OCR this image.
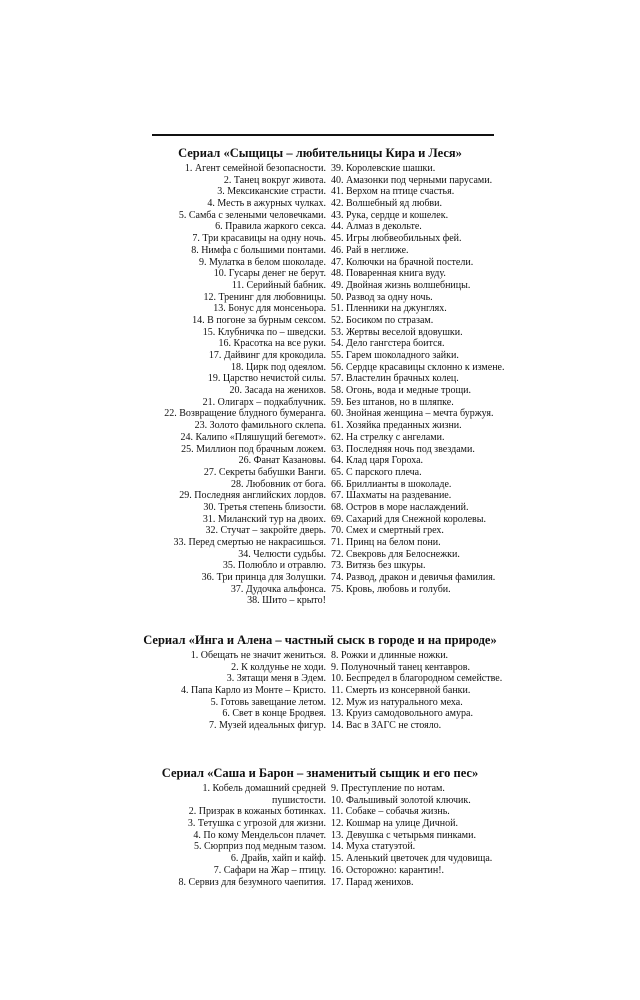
Сериал «Сыщицы – любительницы Кира и Леся»
1. Агент семейной безопасности.
2. Танец вокруг живота.
3. Мексиканские страсти.
4. Месть в ажурных чулках.
5. Самба с зелеными человечками.
6. Правила жаркого секса.
7. Три красавицы на одну ночь.
8. Нимфа с большими понтами.
9. Мулатка в белом шоколаде.
10. Гусары денег не берут.
11. Серийный бабник.
12. Тренинг для любовницы.
13. Бонус для монсеньора.
14. В погоне за бурным сексом.
15. Клубничка по – шведски.
16. Красотка на все руки.
17. Дайвинг для крокодила.
18. Цирк под одеялом.
19. Царство нечистой силы.
20. Засада на женихов.
21. Олигарх – подкаблучник.
22. Возвращение блудного бумеранга.
23. Золото фамильного склепа.
24. Калипо «Пляшущий бегемот».
25. Миллион под брачным ложем.
26. Фанат Казановы.
27. Секреты бабушки Ванги.
28. Любовник от бога.
29. Последняя английских лордов.
30. Третья степень близости.
31. Миланский тур на двоих.
32. Стучат – закройте дверь.
33. Перед смертью не накрасишься.
34. Челюсти судьбы.
35. Полюбло и отравлю.
36. Три принца для Золушки.
37. Дудочка альфонса.
38. Шито – крыто!
39. Королевские шашки.
40. Амазонки под черными парусами.
41. Верхом на птице счастья.
42. Волшебный яд любви.
43. Рука, сердце и кошелек.
44. Алмаз в декольте.
45. Игры любвеобильных фей.
46. Рай в неглиже.
47. Колючки на брачной постели.
48. Поваренная книга вуду.
49. Двойная жизнь волшебницы.
50. Развод за одну ночь.
51. Пленники на джунглях.
52. Босиком по стразам.
53. Жертвы веселой вдовушки.
54. Дело гангстера боится.
55. Гарем шоколадного зайки.
56. Сердце красавицы склонно к измене.
57. Властелин брачных колец.
58. Огонь, вода и медные трощи.
59. Без штанов, но в шляпке.
60. Знойная женщина – мечта буржуя.
61. Хозяйка преданных жизни.
62. На стрелку с ангелами.
63. Последняя ночь под звездами.
64. Клад царя Гороха.
65. С парского плеча.
66. Бриллианты в шоколаде.
67. Шахматы на раздевание.
68. Остров в море наслаждений.
69. Сахарий для Снежной королевы.
70. Смех и смертный грех.
71. Принц на белом пони.
72. Свекровь для Белоснежки.
73. Витязь без шкуры.
74. Развод, дракон и девичья фамилия.
75. Кровь, любовь и голуби.
Сериал «Инга и Алена – частный сыск в городе и на природе»
1. Обещать не значит жениться.
2. К колдунье не ходи.
3. Зятащи меня в Эдем.
4. Папа Карло из Монте – Кристо.
5. Готовь завещание летом.
6. Свет в конце Бродвея.
7. Музей идеальных фигур.
8. Рожки и длинные ножки.
9. Полуночный танец кентавров.
10. Беспредел в благородном семействе.
11. Смерть из консервной банки.
12. Муж из натурального меха.
13. Круиз самодовольного амура.
14. Вас в ЗАГС не стояло.
Сериал «Саша и Барон – знаменитый сыщик и его пес»
1. Кобель домашний средней пушистости.
2. Призрак в кожаных ботинках.
3. Тетушка с угрозой для жизни.
4. По кому Мендельсон плачет.
5. Сюрприз под медным тазом.
6. Драйв, хайп и кайф.
7. Сафари на Жар – птицу.
8. Сервиз для безумного чаепития.
9. Преступление по нотам.
10. Фальшивый золотой ключик.
11. Собаке – собачья жизнь.
12. Кошмар на улице Дичной.
13. Девушка с четырьмя пинками.
14. Муха статуэтой.
15. Аленький цветочек для чудовища.
16. Осторожно: карантин!.
17. Парад женихов.
